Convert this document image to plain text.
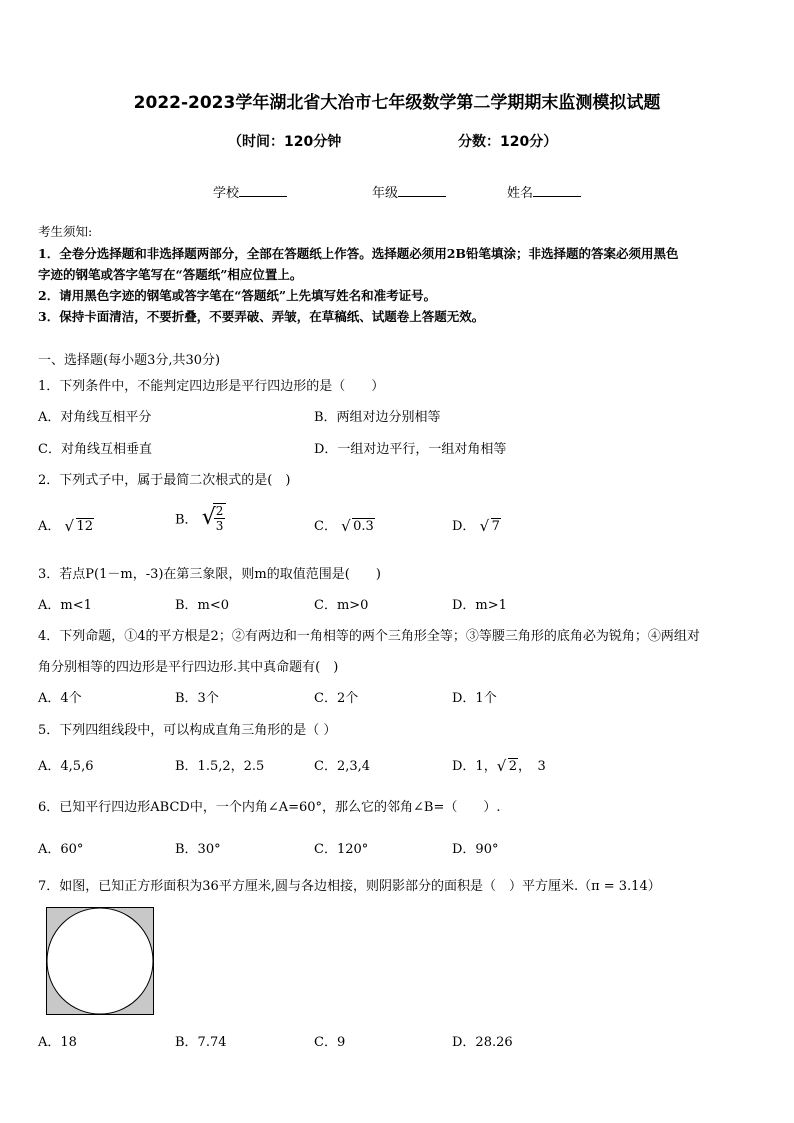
2022-2023学年湖北省大冶市七年级数学第二学期期末监测模拟试题
（时间：120分钟	分数：120分）
学校	年级	姓名
考生须知:
1．全卷分选择题和非选择题两部分，全部在答题纸上作答。选择题必须用2B铅笔填涂；非选择题的答案必须用黑色
字迹的钢笔或答字笔写在“答题纸”相应位置上。
2．请用黑色字迹的钢笔或答字笔在“答题纸”上先填写姓名和准考证号。
3．保持卡面清洁，不要折叠，不要弄破、弄皱，在草稿纸、试题卷上答题无效。
一、选择题(每小题3分,共30分)
1．下列条件中，不能判定四边形是平行四边形的是（　　）
A．对角线互相平分	B．两组对边分别相等
C．对角线互相垂直	D．一组对边平行，一组对角相等
2．下列式子中，属于最简二次根式的是(　)
A． √ 12	B． √
$\frac{2}{3}$	C． √ 0.3	D． √ 7
3．若点P(1－m，-3)在第三象限，则m的取值范围是(　　)
A．m<1	B．m<0	C．m>0	D．m>1
4．下列命题，①4的平方根是2；②有两边和一角相等的两个三角形全等；③等腰三角形的底角必为锐角；④两组对
角分别相等的四边形是平行四边形.其中真命题有(　)
A．4个	B．3个	C．2个	D．1个
5．下列四组线段中，可以构成直角三角形的是（ ）
A．4,5,6	B．1.5,2，2.5	C．2,3,4	D．1， √ 2，　3
6．已知平行四边形ABCD中，一个内角∠A=60°，那么它的邻角∠B=（　　）.
A．60°	B．30°	C．120°	D．90°
7．如图，已知正方形面积为36平方厘米,圆与各边相接，则阴影部分的面积是（　）平方厘米.（π = 3.14）
A．18	B．7.74	C．9	D．28.26
